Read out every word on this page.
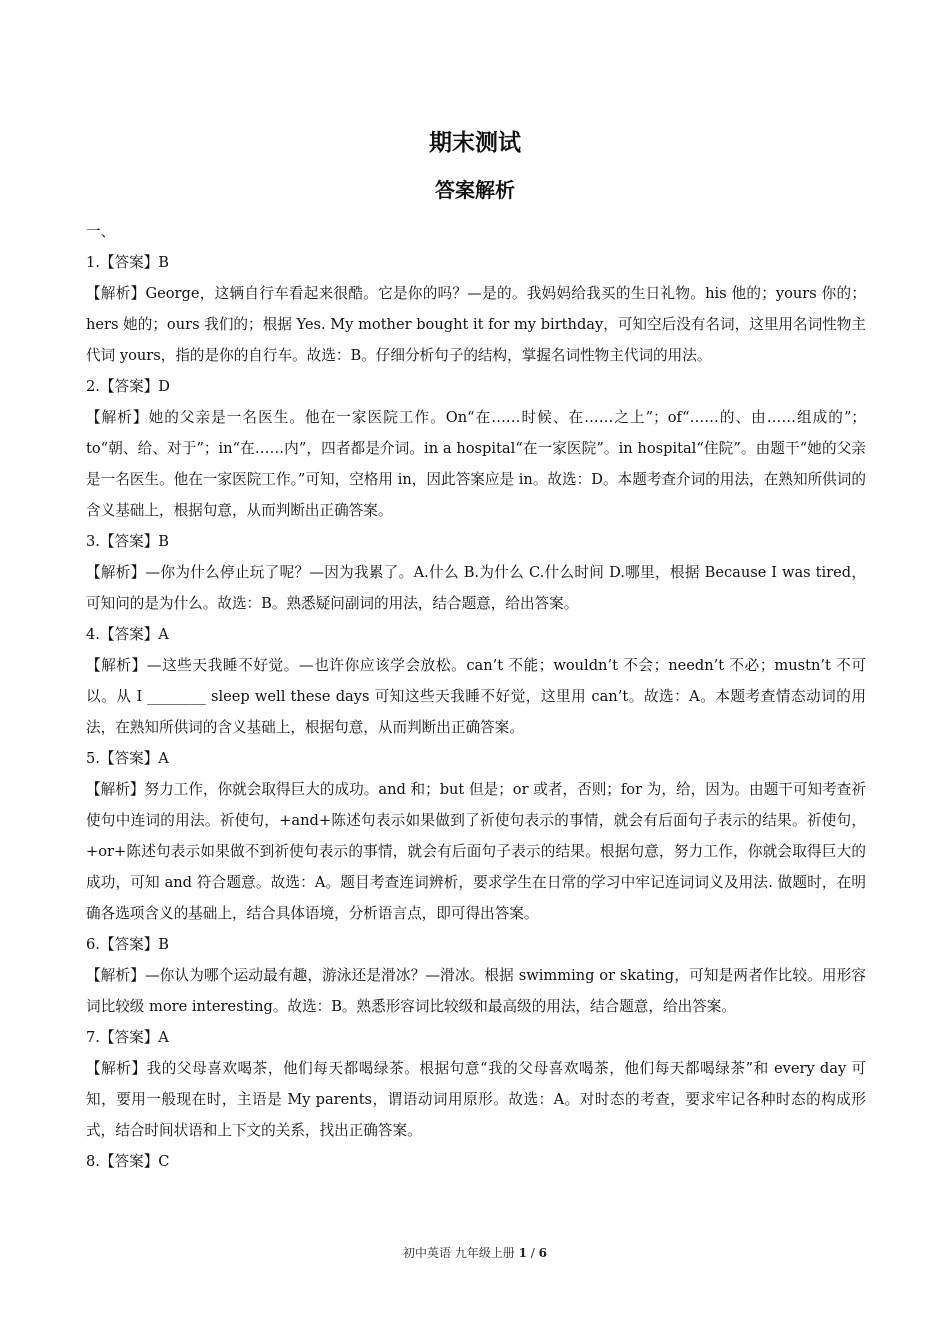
期末测试
答案解析

一、

1.【答案】B

【解析】George，这辆自行车看起来很酷。它是你的吗？—是的。我妈妈给我买的生日礼物。his 他的；yours 你的；hers 她的；ours 我们的；根据 Yes. My mother bought it for my birthday，可知空后没有名词，这里用名词性物主代词 yours，指的是你的自行车。故选：B。仔细分析句子的结构，掌握名词性物主代词的用法。

2.【答案】D

【解析】她的父亲是一名医生。他在一家医院工作。On“在……时候、在……之上”；of“……的、由……组成的”；to“朝、给、对于”；in“在……内”，四者都是介词。in a hospital“在一家医院”。in hospital“住院”。由题干“她的父亲是一名医生。他在一家医院工作。”可知，空格用 in，因此答案应是 in。故选：D。本题考查介词的用法，在熟知所供词的含义基础上，根据句意，从而判断出正确答案。

3.【答案】B

【解析】—你为什么停止玩了呢？—因为我累了。A.什么 B.为什么 C.什么时间 D.哪里，根据 Because I was tired，可知问的是为什么。故选：B。熟悉疑问副词的用法，结合题意，给出答案。

4.【答案】A

【解析】—这些天我睡不好觉。—也许你应该学会放松。can’t 不能；wouldn’t 不会；needn’t 不必；mustn’t 不可以。从 I ________ sleep well these days 可知这些天我睡不好觉，这里用 can’t。故选：A。本题考查情态动词的用法，在熟知所供词的含义基础上，根据句意，从而判断出正确答案。

5.【答案】A

【解析】努力工作，你就会取得巨大的成功。and 和；but 但是；or 或者，否则；for 为，给，因为。由题干可知考查祈使句中连词的用法。祈使句，+and+陈述句表示如果做到了祈使句表示的事情，就会有后面句子表示的结果。祈使句，+or+陈述句表示如果做不到祈使句表示的事情，就会有后面句子表示的结果。根据句意，努力工作，你就会取得巨大的成功，可知 and 符合题意。故选：A。题目考查连词辨析，要求学生在日常的学习中牢记连词词义及用法. 做题时，在明确各选项含义的基础上，结合具体语境，分析语言点，即可得出答案。

6.【答案】B

【解析】—你认为哪个运动最有趣，游泳还是滑冰？—滑冰。根据 swimming or skating，可知是两者作比较。用形容词比较级 more interesting。故选：B。熟悉形容词比较级和最高级的用法，结合题意，给出答案。

7.【答案】A

【解析】我的父母喜欢喝茶，他们每天都喝绿茶。根据句意“我的父母喜欢喝茶，他们每天都喝绿茶”和 every day 可知，要用一般现在时，主语是 My parents，谓语动词用原形。故选：A。对时态的考查，要求牢记各种时态的构成形式，结合时间状语和上下文的关系，找出正确答案。

8.【答案】C

初中英语 九年级上册 1 / 6
